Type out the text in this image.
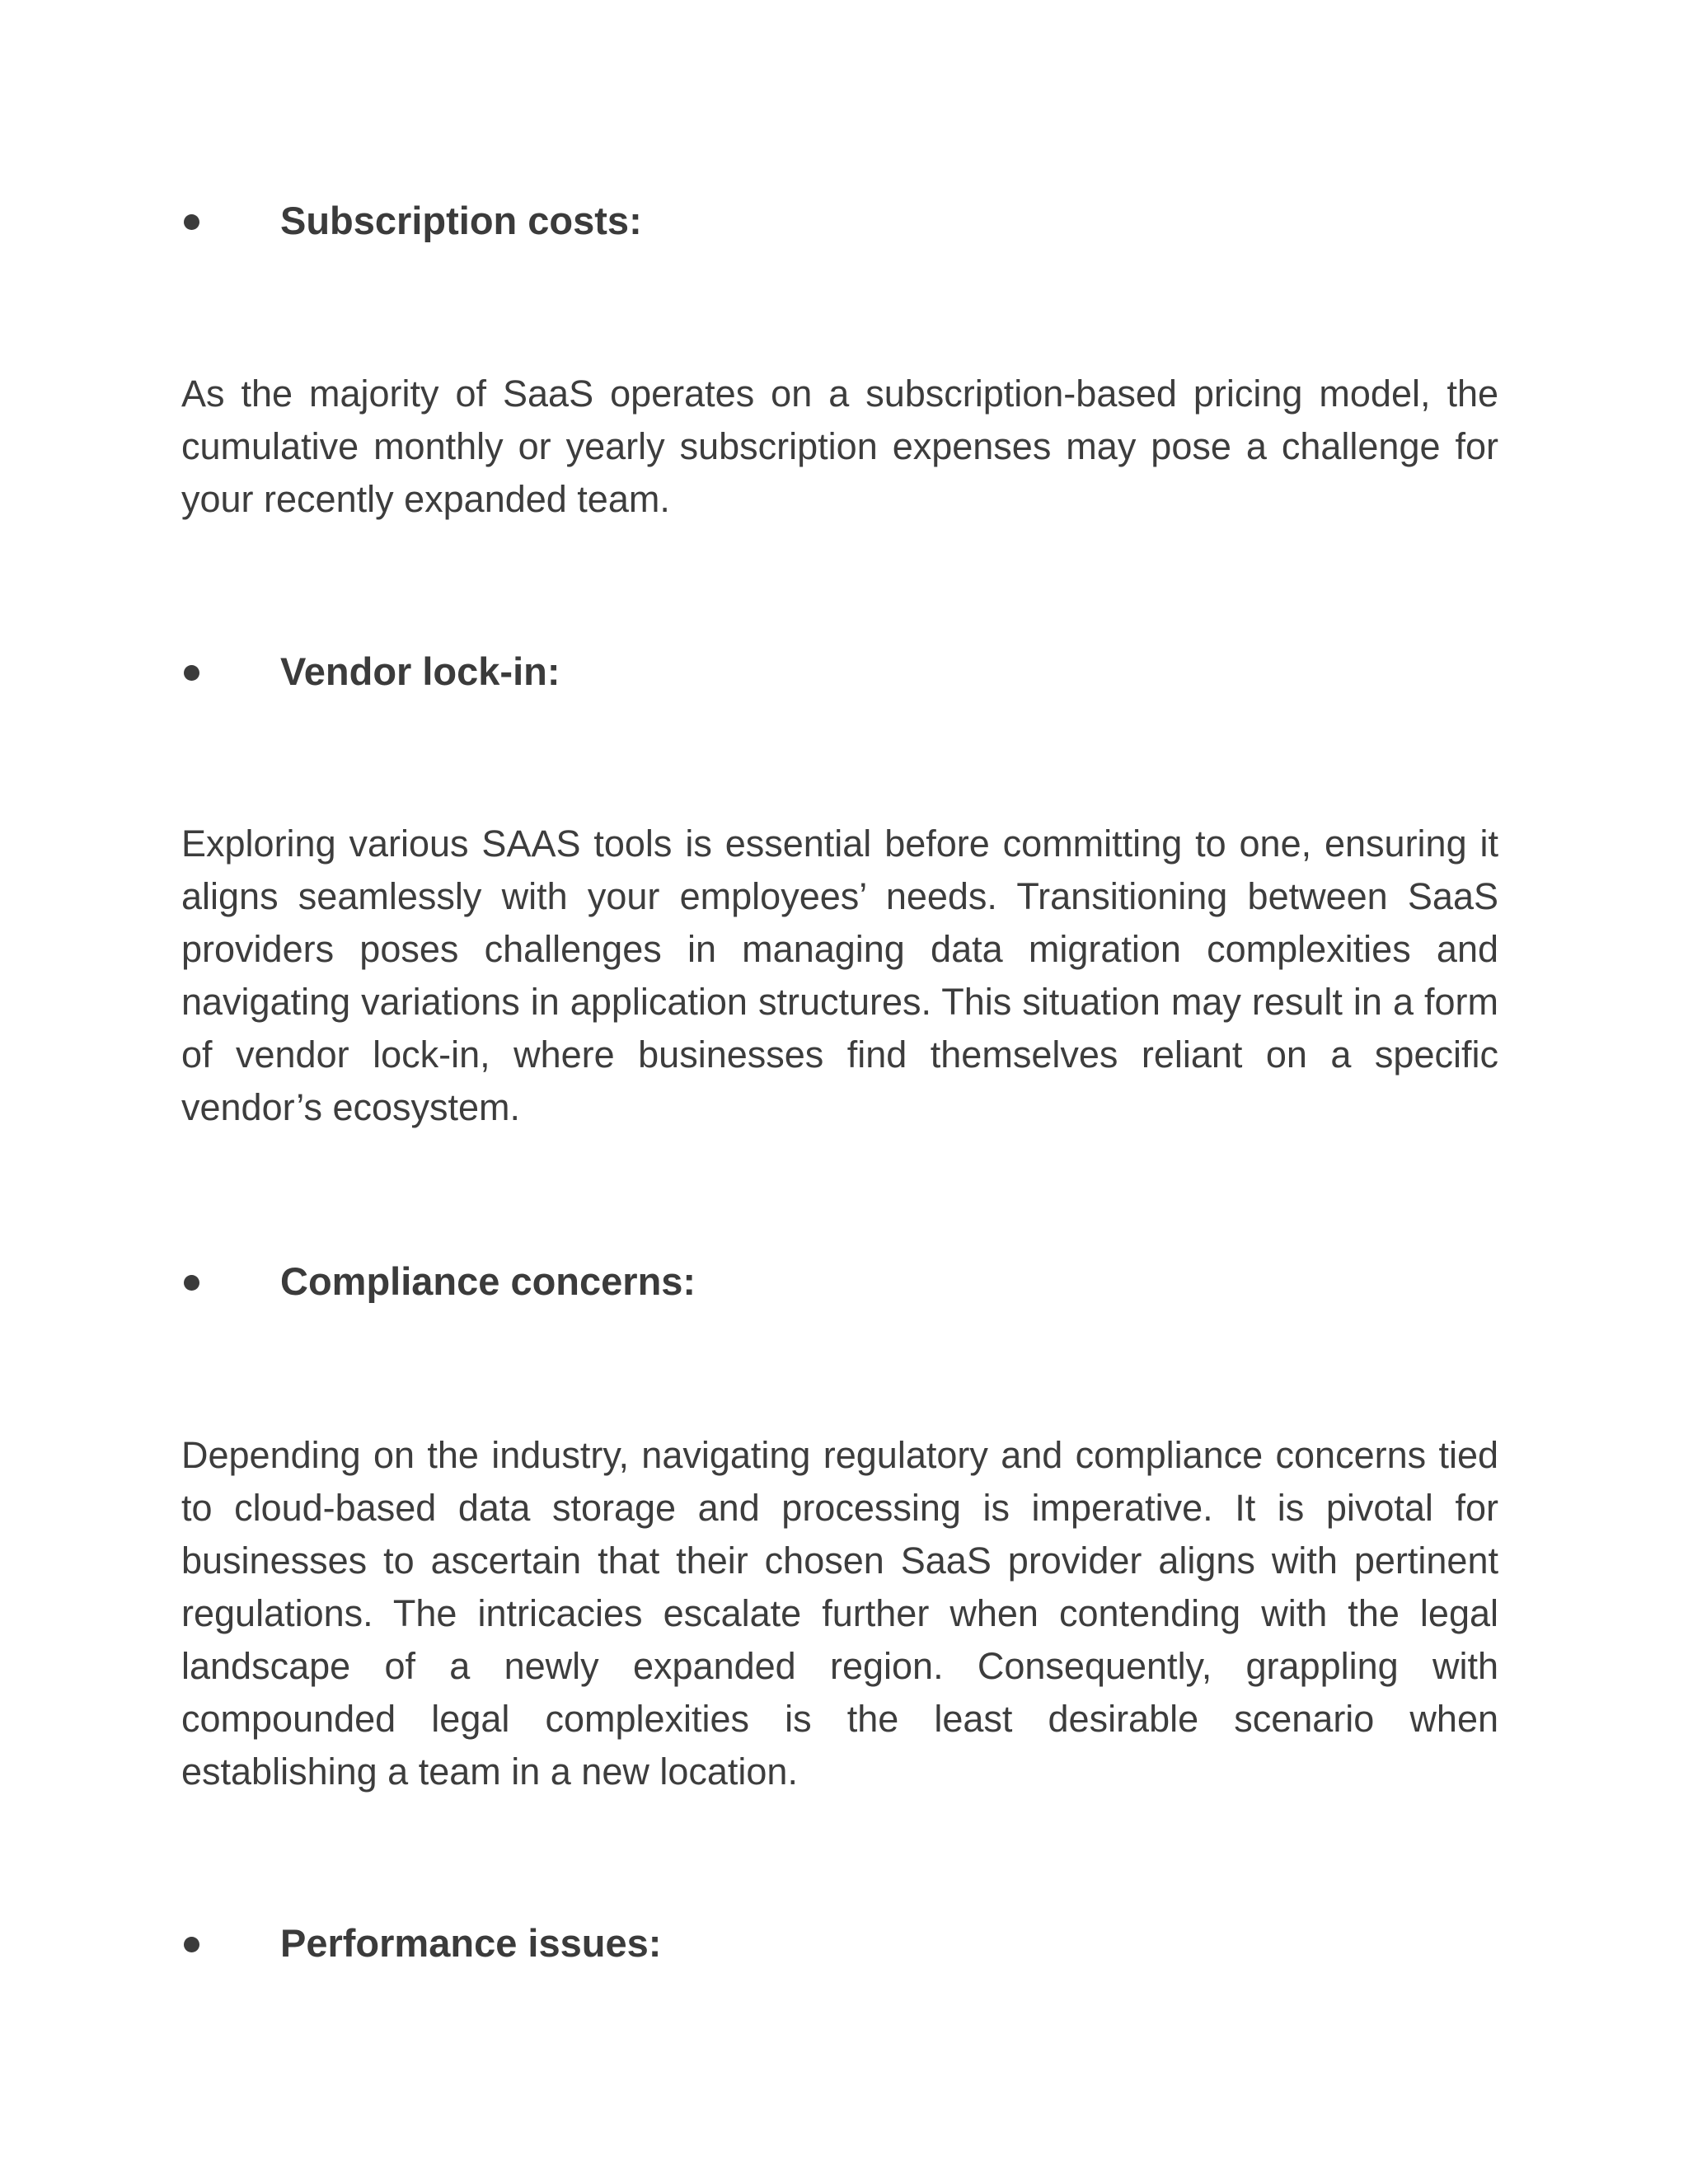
Subscription costs:

As the majority of SaaS operates on a subscription-based pricing model, the cumulative monthly or yearly subscription expenses may pose a challenge for your recently expanded team.

Vendor lock-in:

Exploring various SAAS tools is essential before committing to one, ensuring it aligns seamlessly with your employees’ needs. Transitioning between SaaS providers poses challenges in managing data migration complexities and navigating variations in application structures. This situation may result in a form of vendor lock-in, where businesses find themselves reliant on a specific vendor’s ecosystem.

Compliance concerns:

Depending on the industry, navigating regulatory and compliance concerns tied to cloud-based data storage and processing is imperative. It is pivotal for businesses to ascertain that their chosen SaaS provider aligns with pertinent regulations. The intricacies escalate further when contending with the legal landscape of a newly expanded region. Consequently, grappling with compounded legal complexities is the least desirable scenario when establishing a team in a new location.

Performance issues:
